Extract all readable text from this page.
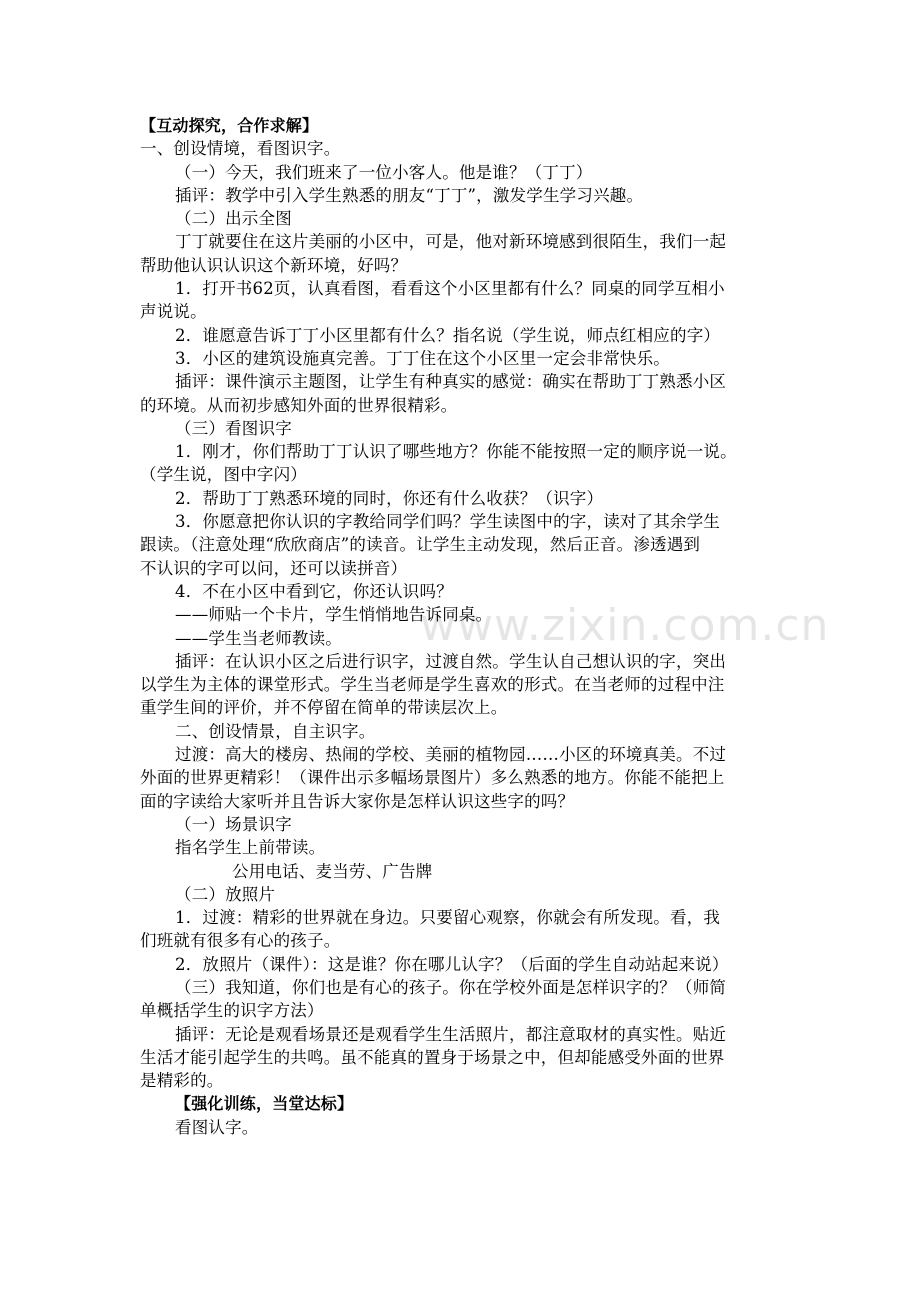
www.zixin.com.cn
【互动探究，合作求解】
一、创设情境，看图识字。
（一）今天，我们班来了一位小客人。他是谁？（丁丁）
插评：教学中引入学生熟悉的朋友“丁丁”，激发学生学习兴趣。
（二）出示全图
丁丁就要住在这片美丽的小区中，可是，他对新环境感到很陌生，我们一起
帮助他认识认识这个新环境，好吗？
1．打开书62页，认真看图，看看这个小区里都有什么？同桌的同学互相小
声说说。
2．谁愿意告诉丁丁小区里都有什么？指名说（学生说，师点红相应的字）
3．小区的建筑设施真完善。丁丁住在这个小区里一定会非常快乐。
插评：课件演示主题图，让学生有种真实的感觉：确实在帮助丁丁熟悉小区
的环境。从而初步感知外面的世界很精彩。
（三）看图识字
1．刚才，你们帮助丁丁认识了哪些地方？你能不能按照一定的顺序说一说。
（学生说，图中字闪）
2．帮助丁丁熟悉环境的同时，你还有什么收获？（识字）
3．你愿意把你认识的字教给同学们吗？学生读图中的字，读对了其余学生
跟读。（注意处理“欣欣商店”的读音。让学生主动发现，然后正音。渗透遇到
不认识的字可以问，还可以读拼音）
4．不在小区中看到它，你还认识吗？
——师贴一个卡片，学生悄悄地告诉同桌。
——学生当老师教读。
插评：在认识小区之后进行识字，过渡自然。学生认自己想认识的字，突出
以学生为主体的课堂形式。学生当老师是学生喜欢的形式。在当老师的过程中注
重学生间的评价，并不停留在简单的带读层次上。
二、创设情景，自主识字。
过渡：高大的楼房、热闹的学校、美丽的植物园……小区的环境真美。不过
外面的世界更精彩！（课件出示多幅场景图片）多么熟悉的地方。你能不能把上
面的字读给大家听并且告诉大家你是怎样认识这些字的吗？
（一）场景识字
指名学生上前带读。
公用电话、麦当劳、广告牌
（二）放照片
1．过渡：精彩的世界就在身边。只要留心观察，你就会有所发现。看，我
们班就有很多有心的孩子。
2．放照片（课件）：这是谁？你在哪儿认字？（后面的学生自动站起来说）
（三）我知道，你们也是有心的孩子。你在学校外面是怎样识字的？（师简
单概括学生的识字方法）
插评：无论是观看场景还是观看学生生活照片，都注意取材的真实性。贴近
生活才能引起学生的共鸣。虽不能真的置身于场景之中，但却能感受外面的世界
是精彩的。
【强化训练，当堂达标】
看图认字。
